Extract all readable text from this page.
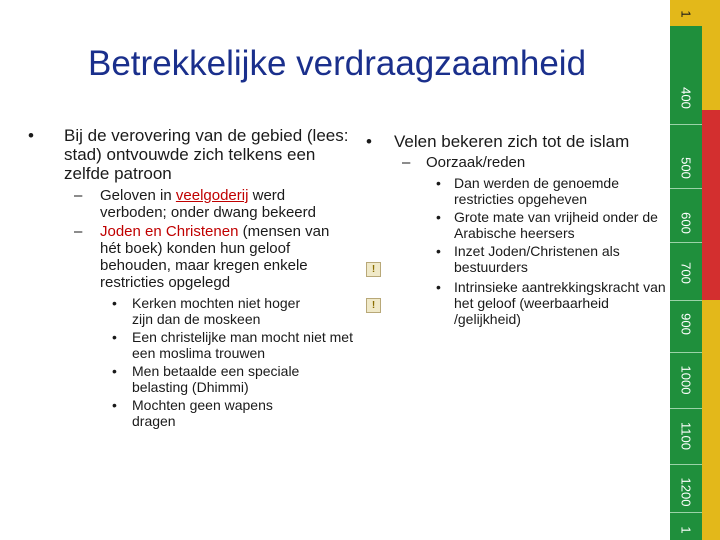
1
400
500
600
700
900
1000
1100
1200
1
Betrekkelijke verdraagzaamheid
•	Bij de verovering van de gebied (lees: stad) ontvouwde zich telkens een zelfde patroon
–	Geloven in veelgoderij werd verboden; onder dwang bekeerd
–	Joden en Christenen (mensen van hét boek) konden hun geloof behouden, maar kregen enkele restricties opgelegd
•	Kerken mochten niet hoger zijn dan de moskeen
•	Een christelijke man mocht niet met een moslima trouwen
•	Men betaalde een speciale belasting (Dhimmi)
•	Mochten geen wapens dragen
•	Velen bekeren zich tot de islam
–	Oorzaak/reden
• Dan werden de genoemde restricties opgeheven
• Grote mate van vrijheid onder de Arabische heersers
!
• Inzet Joden/Christenen als bestuurders
!
• Intrinsieke aantrekkingskracht van het geloof (weerbaarheid /gelijkheid)
